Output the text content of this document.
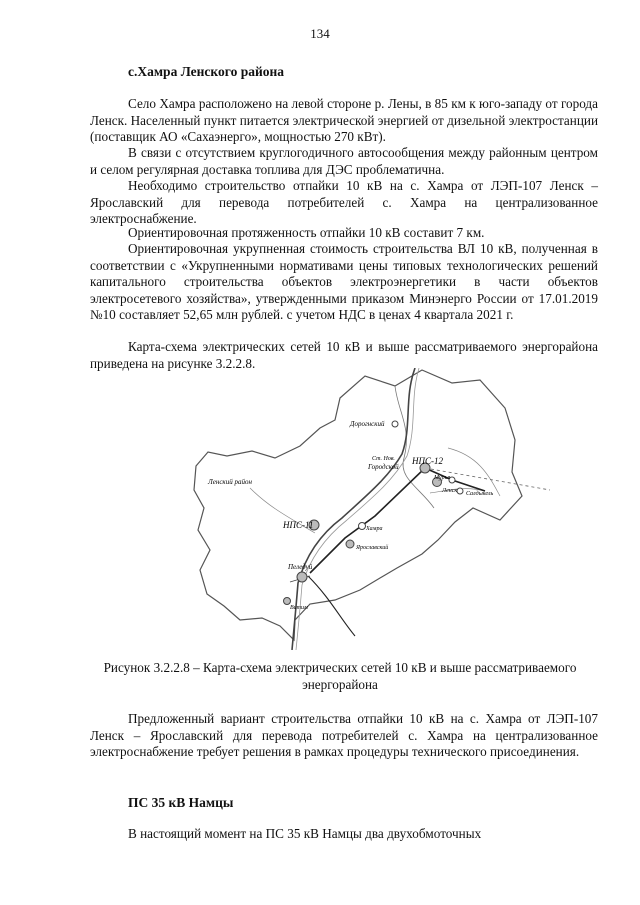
134
с.Хамра Ленского района

Село Хамра расположено на левой стороне р. Лены, в 85 км к юго-западу от города Ленск. Населенный пункт питается электрической энергией от дизельной электростанции (поставщик АО «Сахаэнерго», мощностью 270 кВт).

В связи с отсутствием круглогодичного автосообщения между районным центром и селом регулярная доставка топлива для ДЭС проблематична.

Необходимо строительство отпайки 10 кВ на с. Хамра от ЛЭП-107 Ленск – Ярославский для перевода потребителей с. Хамра на централизованное электроснабжение.

Ориентировочная протяженность отпайки 10 кВ составит 7 км.

Ориентировочная укрупненная стоимость строительства ВЛ 10 кВ, полученная в соответствии с «Укрупненными нормативами цены типовых технологических решений капитального строительства объектов электроэнергетики в части объектов электросетевого хозяйства», утвержденными приказом Минэнерго России от 17.01.2019 №10 составляет 52,65 млн рублей. с учетом НДС в ценах 4 квартала 2021 г.

Карта-схема электрических сетей 10 кВ и выше рассматриваемого энергорайона приведена на рисунке 3.2.2.8.

Дорогнский
НПС-12
НПС-11
Ст. Нов.
Городской
Ленский район
Ленск
Хамра
Ярославский
Пеледуй
Витим
Мурья
Салдыкель
Рисунок 3.2.2.8 – Карта-схема электрических сетей 10 кВ и выше рассматриваемого энергорайона

Предложенный вариант строительства отпайки 10 кВ на с. Хамра от ЛЭП-107 Ленск – Ярославский для перевода потребителей с. Хамра на централизованное электроснабжение требует решения в рамках процедуры технического присоединения.

ПС 35 кВ Намцы

В настоящий момент на ПС 35 кВ Намцы два двухобмоточных
